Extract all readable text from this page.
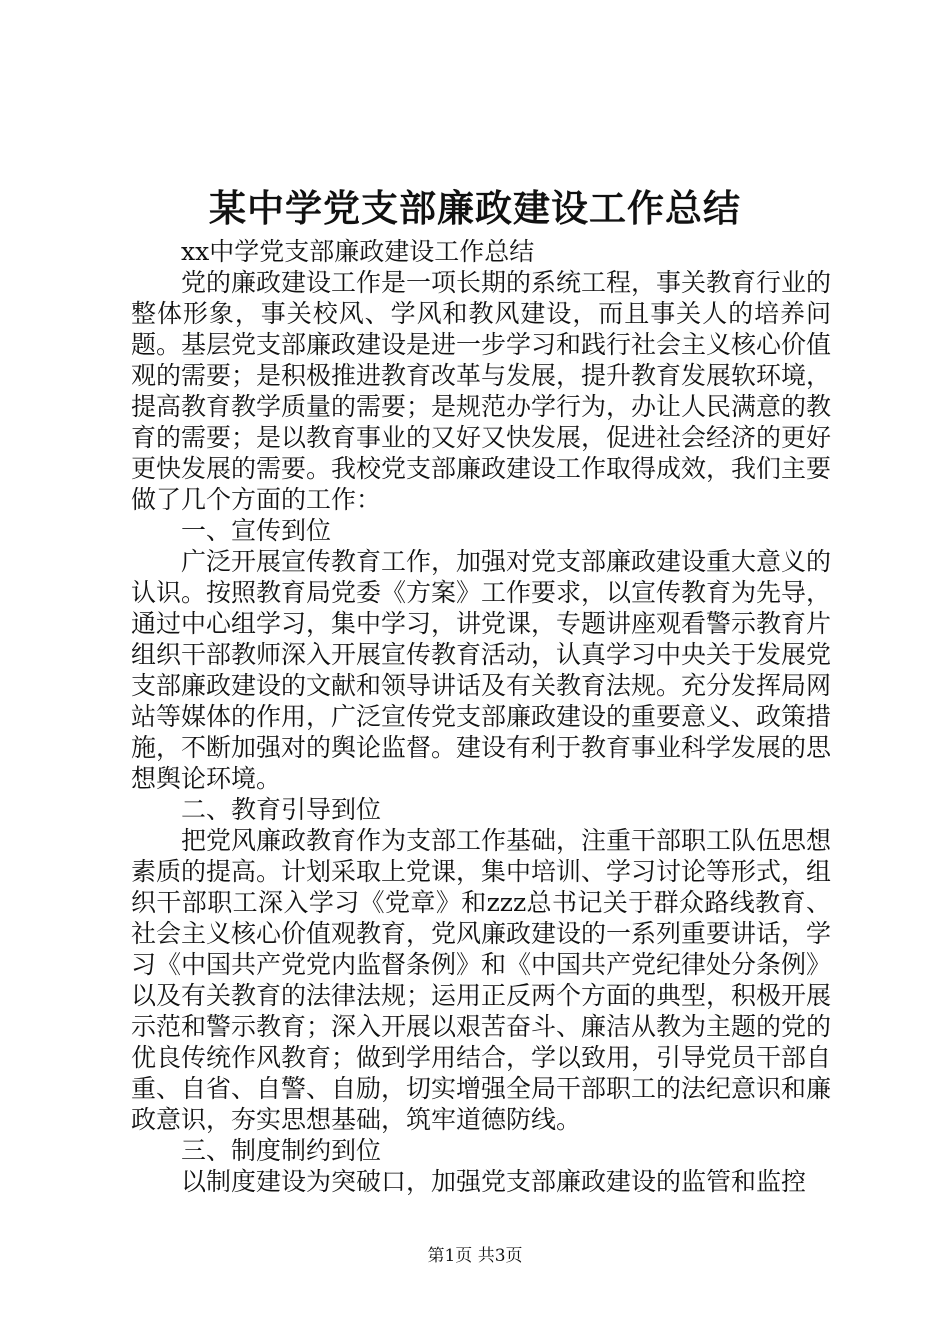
某中学党支部廉政建设工作总结

xx中学党支部廉政建设工作总结

党的廉政建设工作是一项长期的系统工程，事关教育行业的整体形象，事关校风、学风和教风建设，而且事关人的培养问题。基层党支部廉政建设是进一步学习和践行社会主义核心价值观的需要；是积极推进教育改革与发展，提升教育发展软环境，提高教育教学质量的需要；是规范办学行为，办让人民满意的教育的需要；是以教育事业的又好又快发展，促进社会经济的更好更快发展的需要。我校党支部廉政建设工作取得成效，我们主要做了几个方面的工作：

一、宣传到位

广泛开展宣传教育工作，加强对党支部廉政建设重大意义的认识。按照教育局党委《方案》工作要求，以宣传教育为先导，通过中心组学习，集中学习，讲党课，专题讲座观看警示教育片组织干部教师深入开展宣传教育活动，认真学习中央关于发展党支部廉政建设的文献和领导讲话及有关教育法规。充分发挥局网站等媒体的作用，广泛宣传党支部廉政建设的重要意义、政策措施，不断加强对的舆论监督。建设有利于教育事业科学发展的思想舆论环境。

二、教育引导到位

把党风廉政教育作为支部工作基础，注重干部职工队伍思想素质的提高。计划采取上党课，集中培训、学习讨论等形式，组织干部职工深入学习《党章》和zzz总书记关于群众路线教育、社会主义核心价值观教育，党风廉政建设的一系列重要讲话，学习《中国共产党党内监督条例》和《中国共产党纪律处分条例》以及有关教育的法律法规；运用正反两个方面的典型，积极开展示范和警示教育；深入开展以艰苦奋斗、廉洁从教为主题的党的优良传统作风教育；做到学用结合，学以致用，引导党员干部自重、自省、自警、自励，切实增强全局干部职工的法纪意识和廉政意识，夯实思想基础，筑牢道德防线。

三、制度制约到位

以制度建设为突破口，加强党支部廉政建设的监管和监控

第1页 共3页
